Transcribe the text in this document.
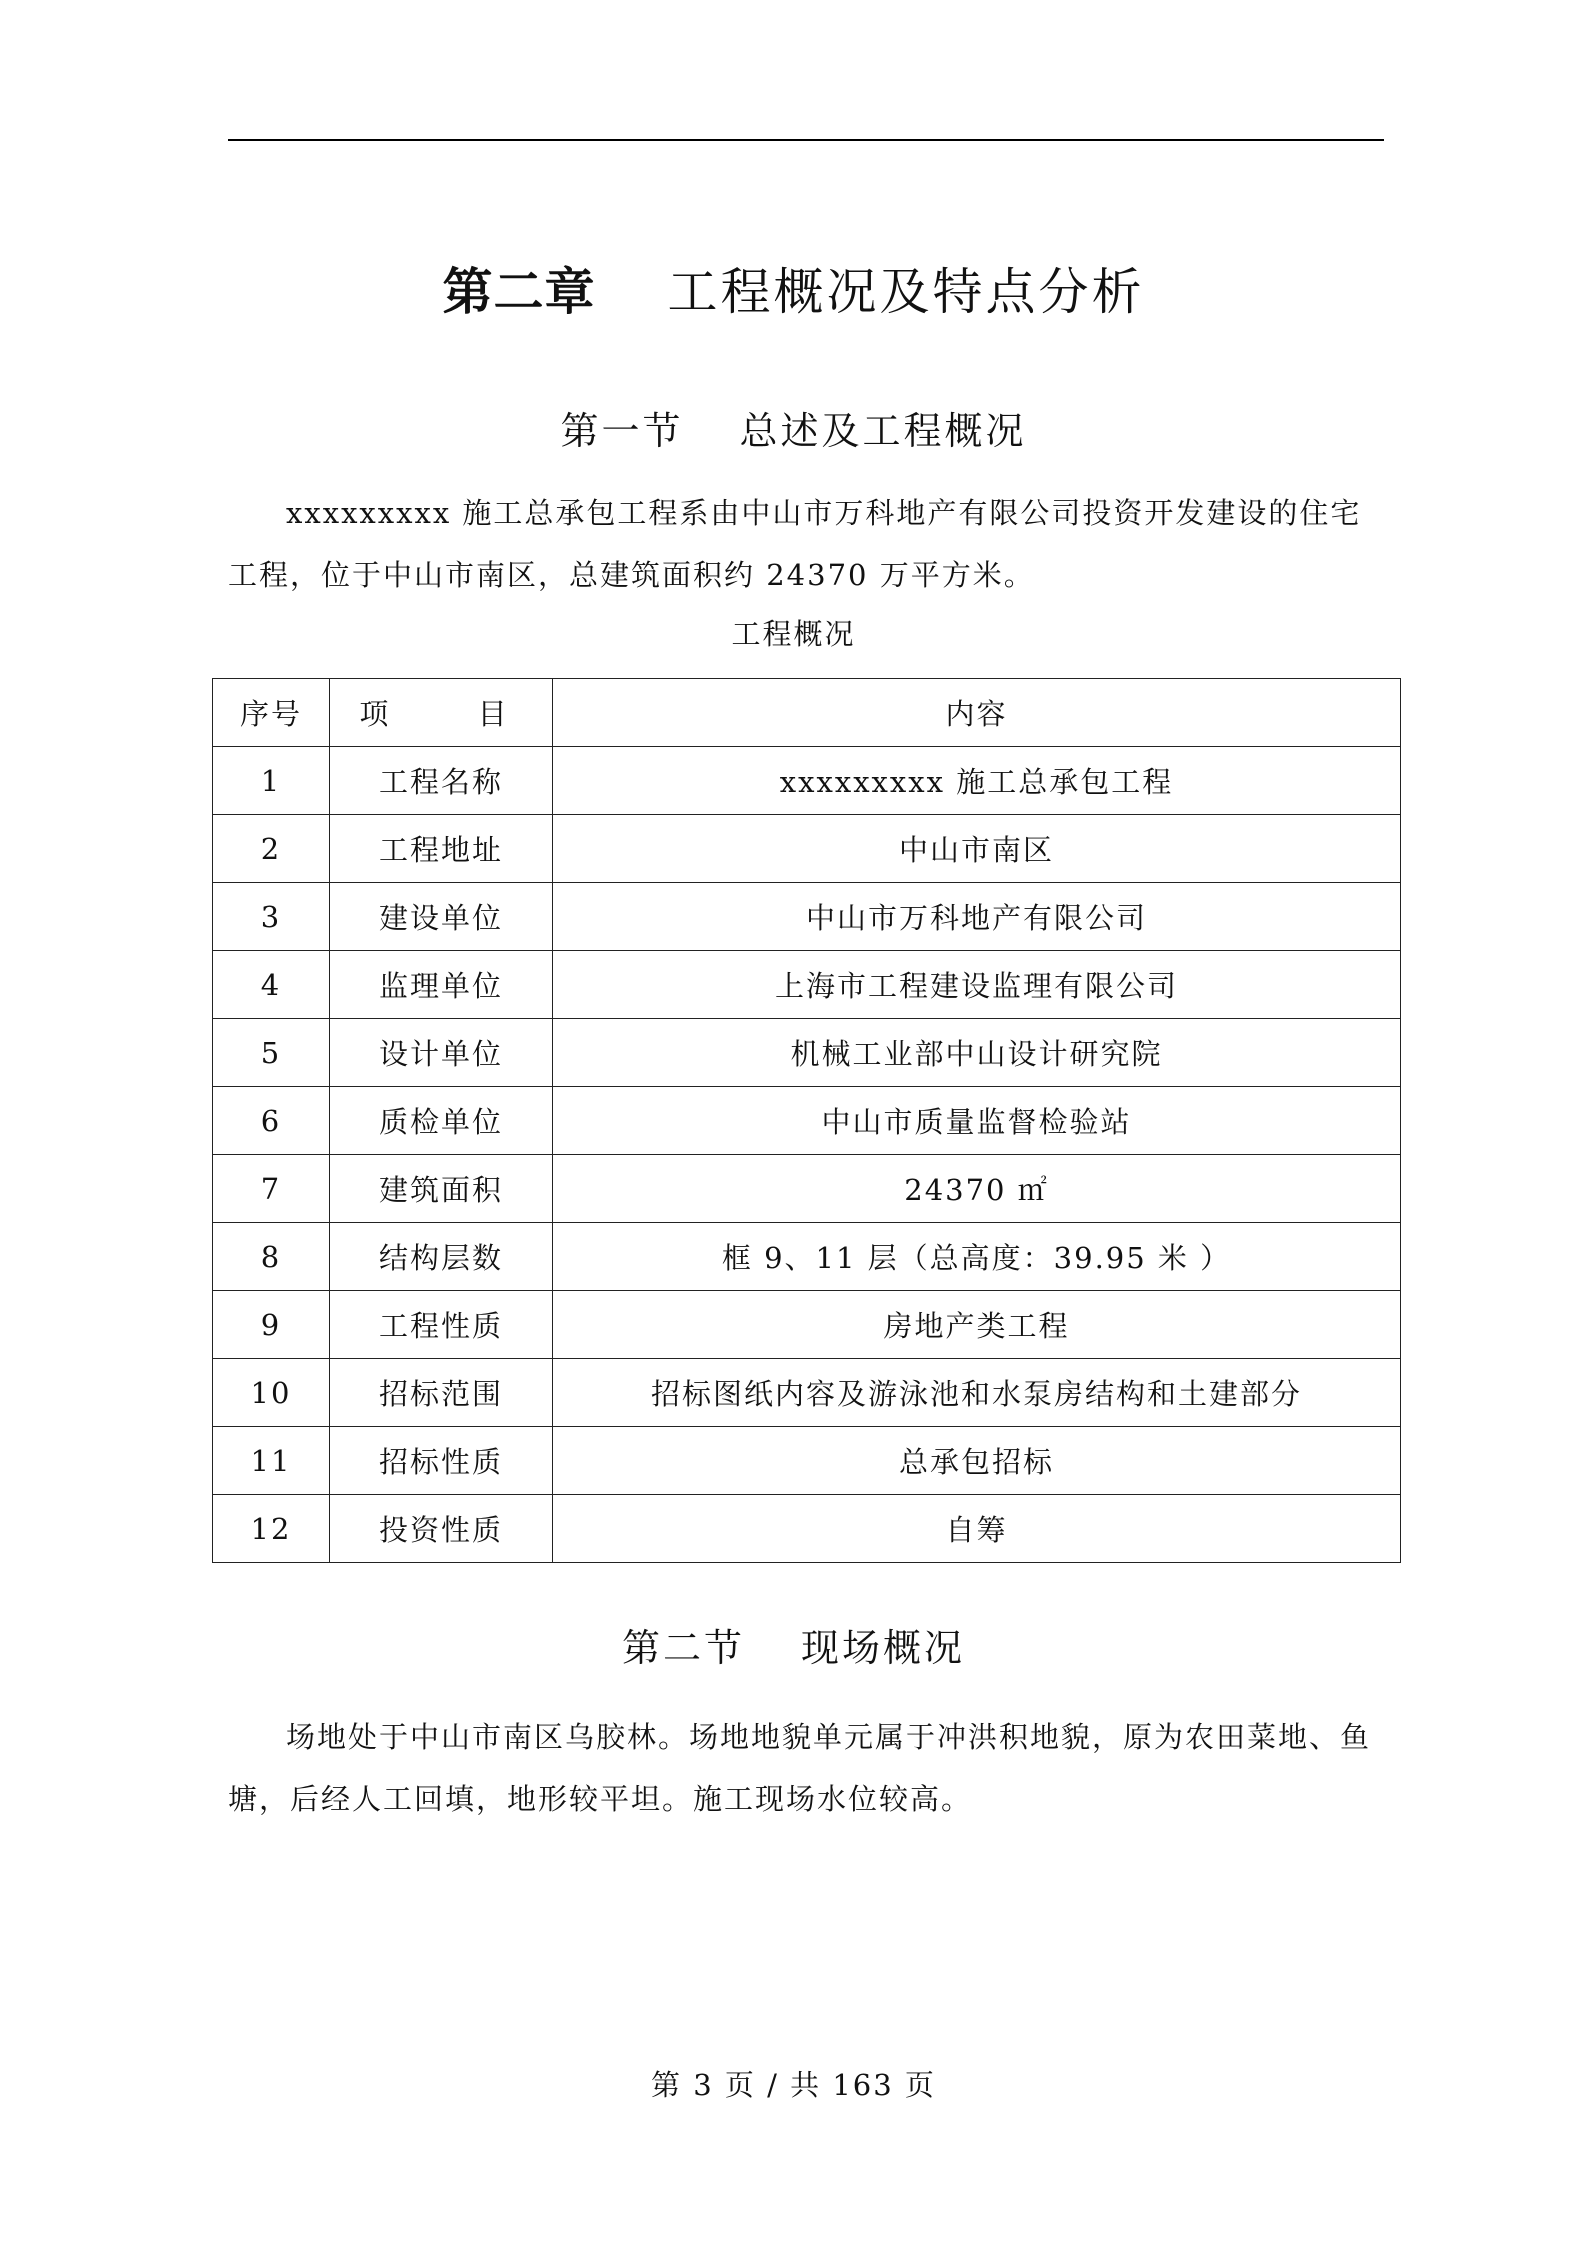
第二章 工程概况及特点分析
第一节 总述及工程概况

xxxxxxxxx 施工总承包工程系由中山市万科地产有限公司投资开发建设的住宅工程，位于中山市南区，总建筑面积约 24370 万平方米。

工程概况
序号	项 目	内容
1	工程名称	xxxxxxxxx 施工总承包工程
2	工程地址	中山市南区
3	建设单位	中山市万科地产有限公司
4	监理单位	上海市工程建设监理有限公司
5	设计单位	机械工业部中山设计研究院
6	质检单位	中山市质量监督检验站
7	建筑面积	24370 ㎡
8	结构层数	框 9、11 层（总高度：39.95 米 ）
9	工程性质	房地产类工程
10	招标范围	招标图纸内容及游泳池和水泵房结构和土建部分
11	招标性质	总承包招标
12	投资性质	自筹
第二节 现场概况

场地处于中山市南区乌胶林。场地地貌单元属于冲洪积地貌，原为农田菜地、鱼塘，后经人工回填，地形较平坦。施工现场水位较高。

第 3 页 / 共 163 页
